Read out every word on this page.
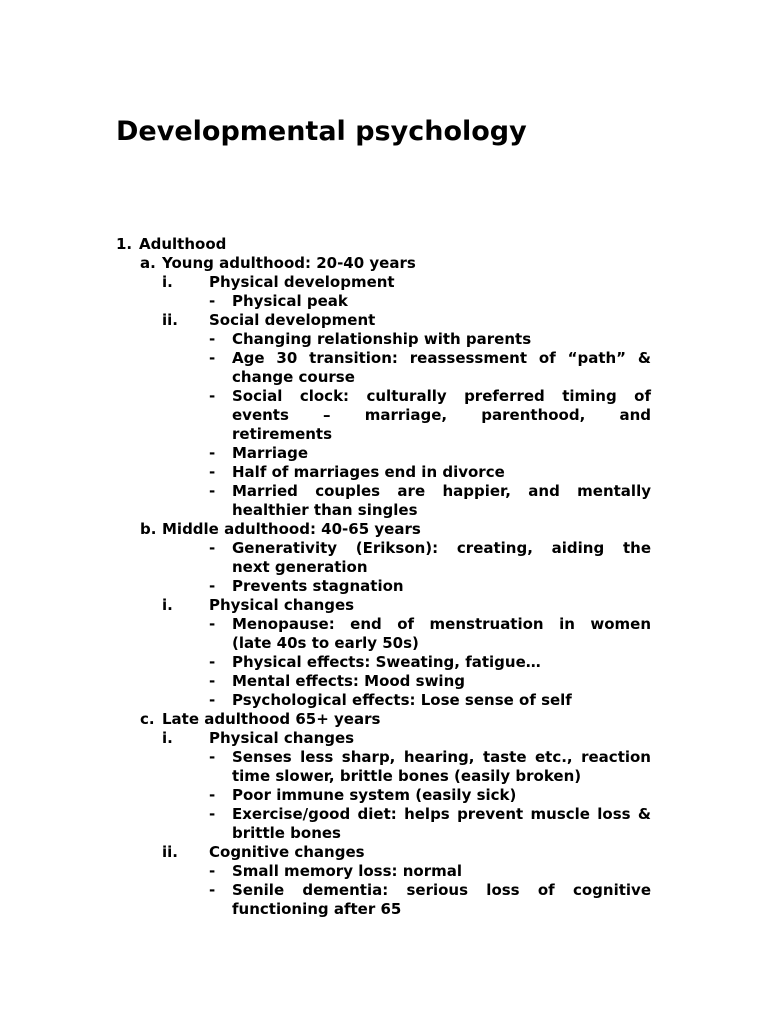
Developmental psychology
1. Adulthood
a. Young adulthood: 20-40 years
i. Physical development
- Physical peak
ii. Social development
- Changing relationship with parents
- Age 30 transition: reassessment of “path” &
change course
- Social clock: culturally preferred timing of
events – marriage, parenthood, and
retirements
- Marriage
- Half of marriages end in divorce
- Married couples are happier, and mentally
healthier than singles
b. Middle adulthood: 40-65 years
- Generativity (Erikson): creating, aiding the
next generation
- Prevents stagnation
i. Physical changes
- Menopause: end of menstruation in women
(late 40s to early 50s)
- Physical effects: Sweating, fatigue…
- Mental effects: Mood swing
- Psychological effects: Lose sense of self
c. Late adulthood 65+ years
i. Physical changes
- Senses less sharp, hearing, taste etc., reaction
time slower, brittle bones (easily broken)
- Poor immune system (easily sick)
- Exercise/good diet: helps prevent muscle loss &
brittle bones
ii. Cognitive changes
- Small memory loss: normal
- Senile dementia: serious loss of cognitive
functioning after 65
